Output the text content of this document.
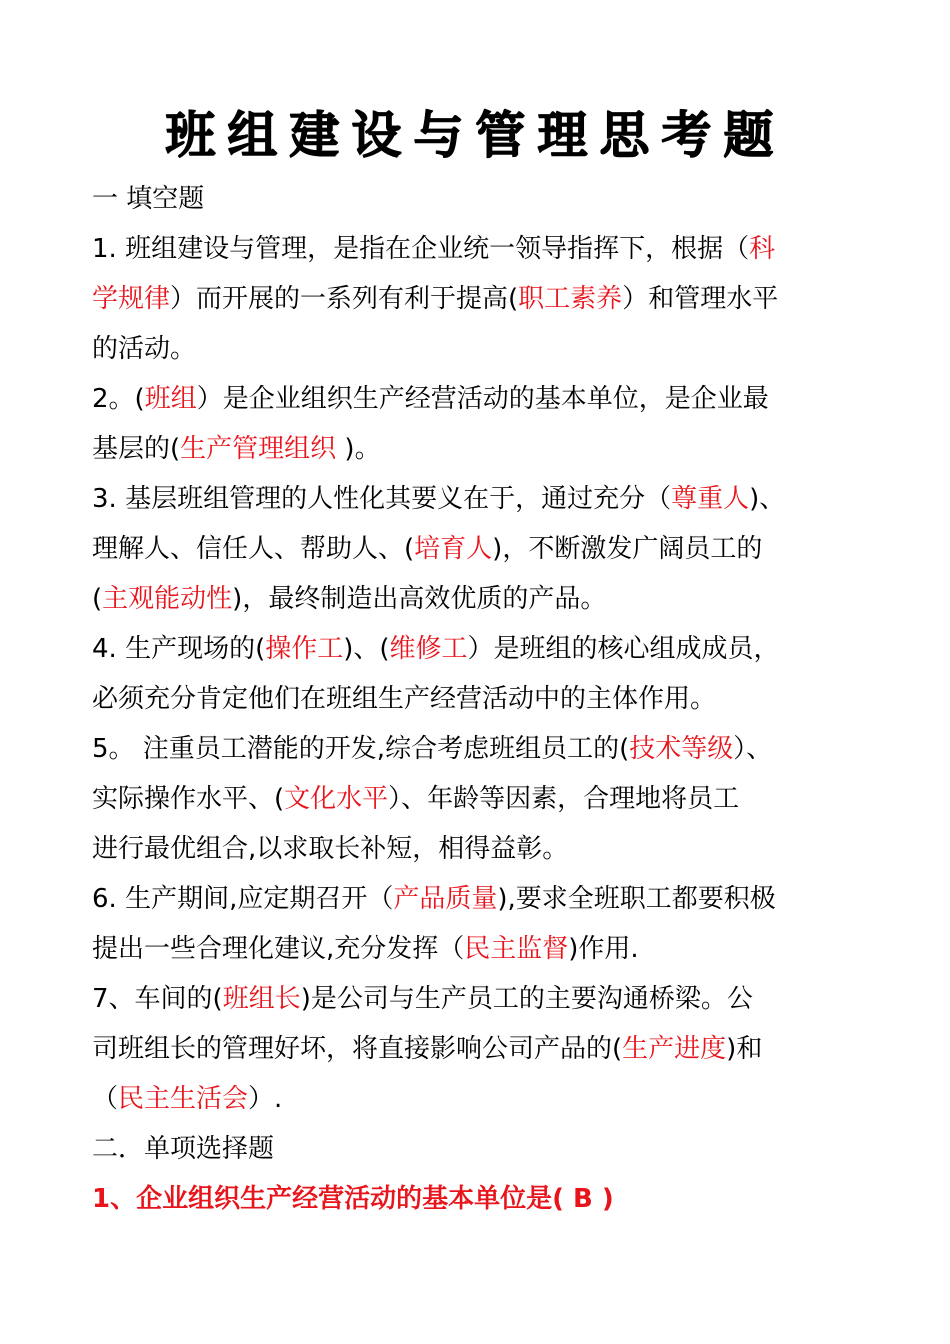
班组建设与管理思考题
一 填空题
1. 班组建设与管理，是指在企业统一领导指挥下，根据（科
学规律）而开展的一系列有利于提高(职工素养）和管理水平
的活动。
2。(班组）是企业组织生产经营活动的基本单位，是企业最
基层的(生产管理组织 )。
3. 基层班组管理的人性化其要义在于，通过充分（尊重人)、
理解人、信任人、帮助人、(培育人)，不断激发广阔员工的
(主观能动性)，最终制造出高效优质的产品。
4. 生产现场的(操作工)、(维修工）是班组的核心组成成员，
必须充分肯定他们在班组生产经营活动中的主体作用。
5。 注重员工潜能的开发,综合考虑班组员工的(技术等级）、
实际操作水平、(文化水平）、年龄等因素，合理地将员工
进行最优组合,以求取长补短，相得益彰。
6. 生产期间,应定期召开（产品质量),要求全班职工都要积极
提出一些合理化建议,充分发挥（民主监督)作用.
7、车间的(班组长)是公司与生产员工的主要沟通桥梁。公
司班组长的管理好坏，将直接影响公司产品的(生产进度)和
（民主生活会）.
二．单项选择题
1、企业组织生产经营活动的基本单位是( B )
